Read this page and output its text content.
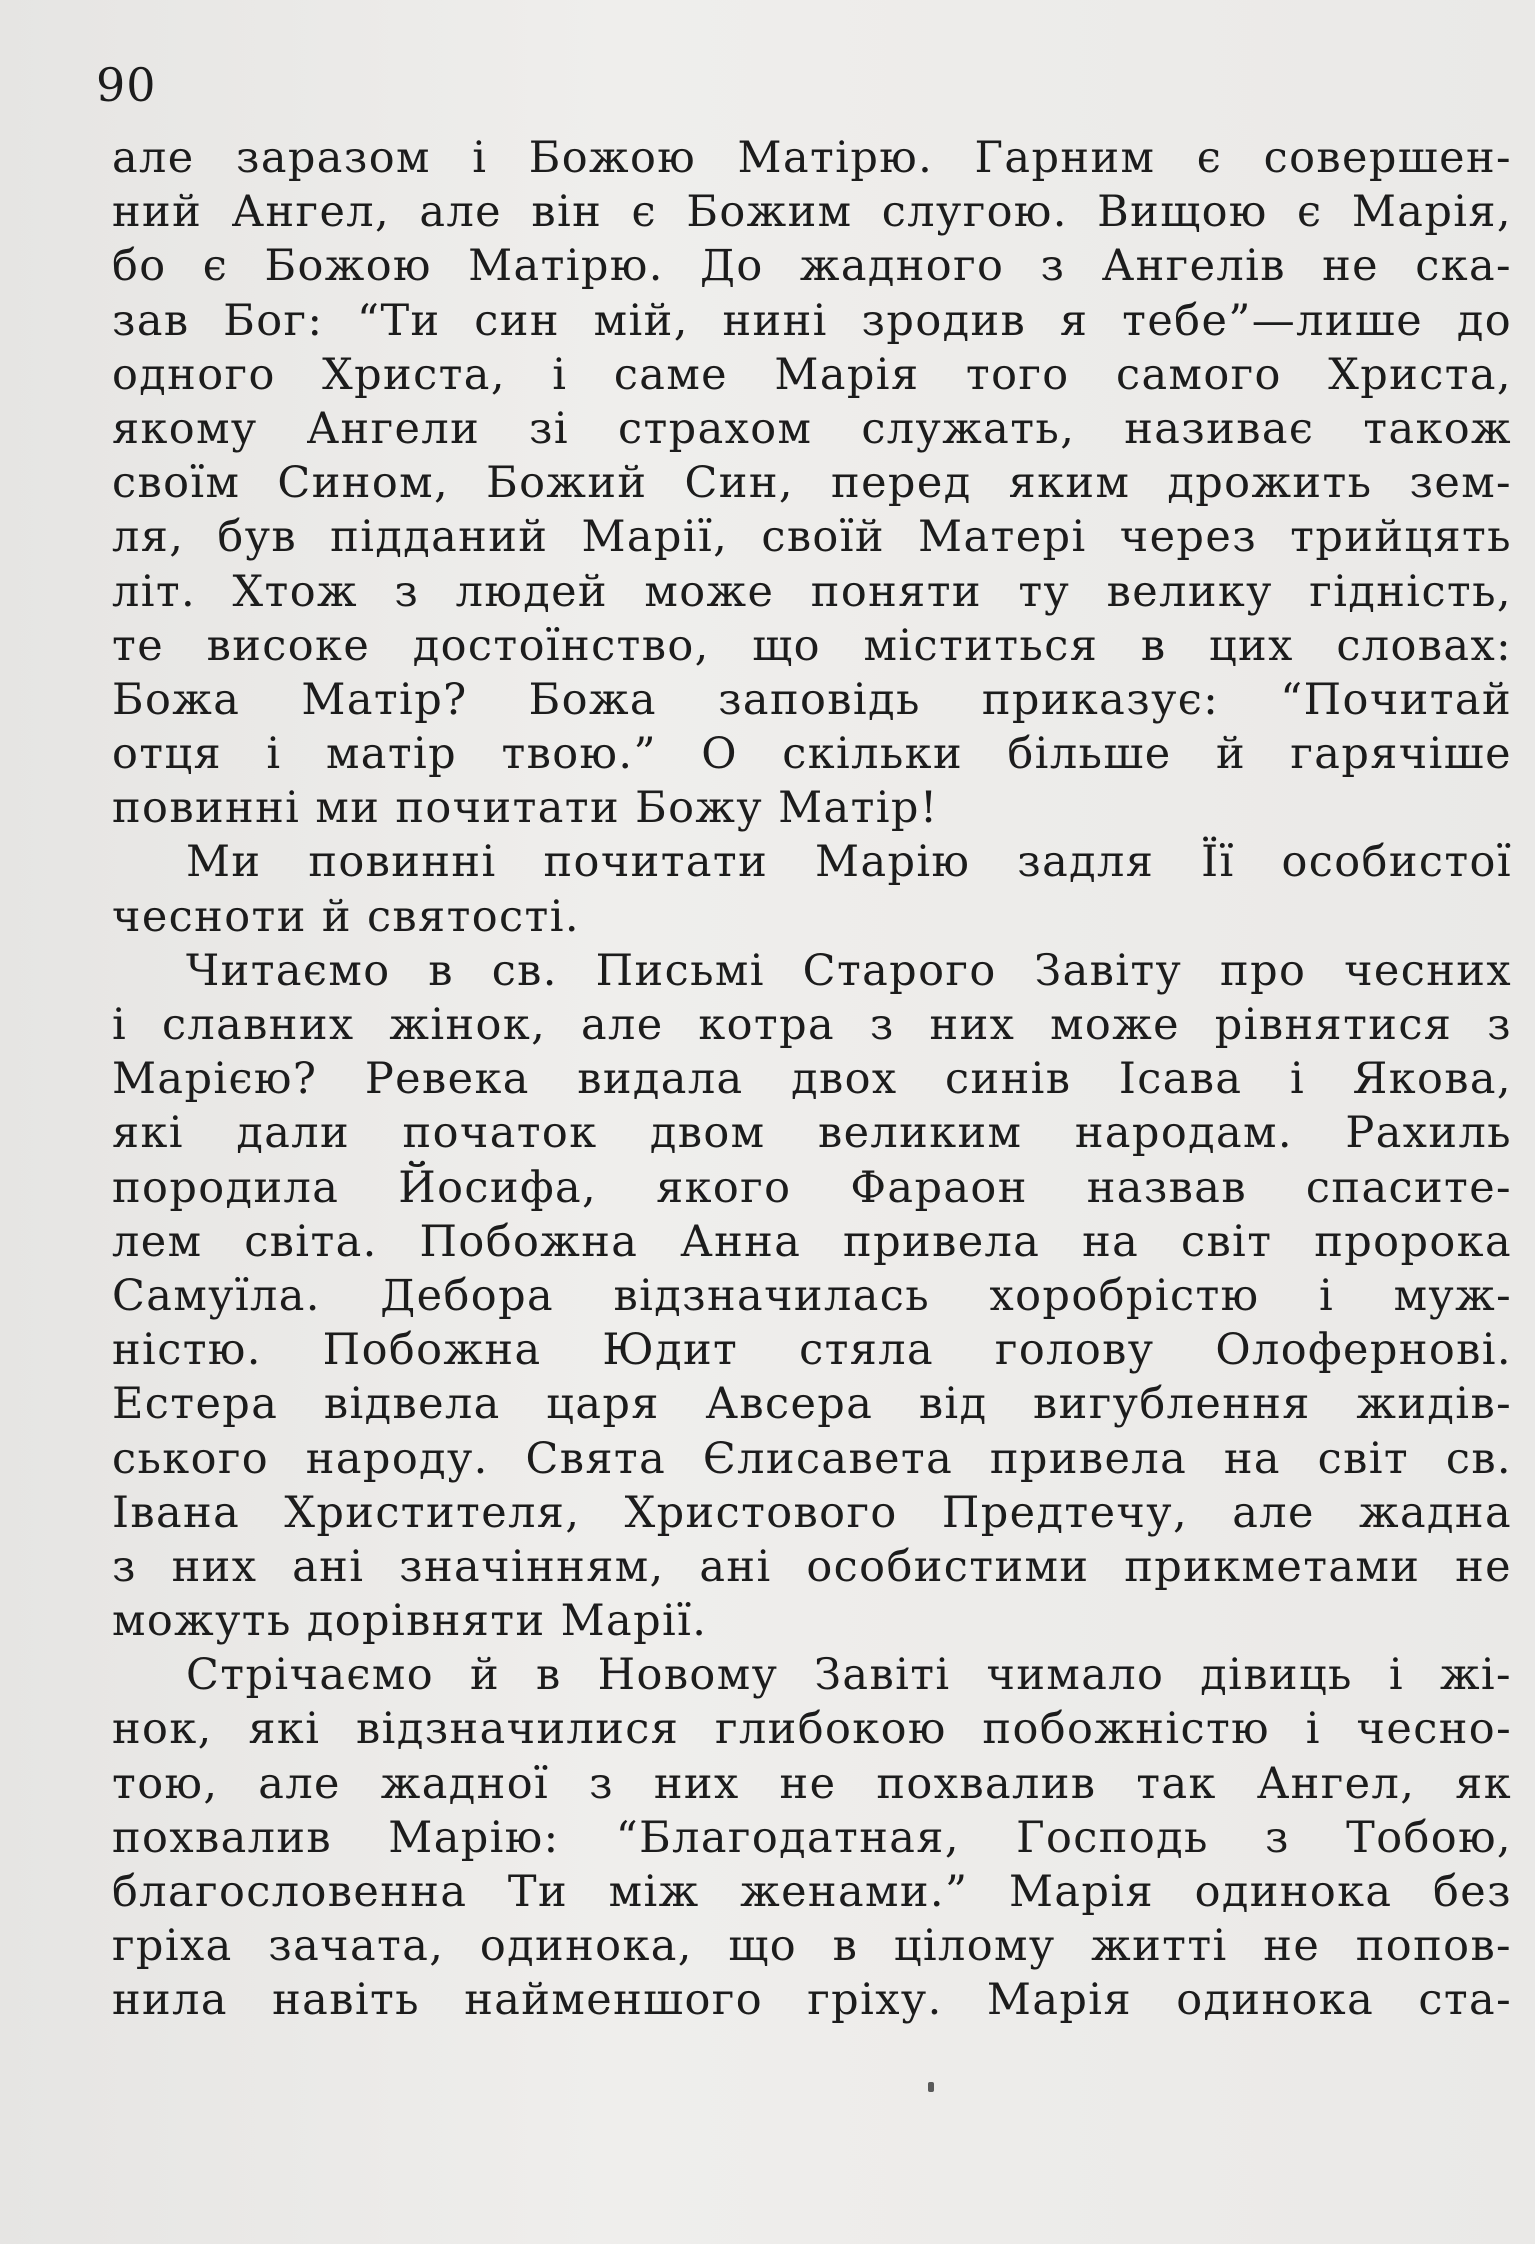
90
але заразом і Божою Матірю. Гарним є совершен-
ний Ангел, але він є Божим слугою. Вищою є Марія,
бо є Божою Матірю. До жадного з Ангелів не ска-
зав Бог: “Ти син мій, нині зродив я тебе”—лише до
одного Христа, і саме Марія того самого Христа,
якому Ангели зі страхом служать, називає також
своїм Сином, Божий Син, перед яким дрожить зем-
ля, був підданий Марії, своїй Матері через трийцять
літ. Хтож з людей може поняти ту велику гідність,
те високе достоїнство, що міститься в цих словах:
Божа Матір? Божа заповідь приказує: “Почитай
отця і матір твою.” О скільки більше й гарячіше
повинні ми почитати Божу Матір!
Ми повинні почитати Марію задля Її особистої
чесноти й святості.
Читаємо в св. Письмі Старого Завіту про чесних
і славних жінок, але котра з них може рівнятися з
Марією? Ревека видала двох синів Ісава і Якова,
які дали початок двом великим народам. Рахиль
породила Йосифа, якого Фараон назвав спасите-
лем світа. Побожна Анна привела на світ пророка
Самуїла. Дебора відзначилась хоробрістю і муж-
ністю. Побожна Юдит стяла голову Олофернові.
Естера відвела царя Авсера від вигублення жидів-
ського народу. Свята Єлисавета привела на світ св.
Івана Христителя, Христового Предтечу, але жадна
з них ані значінням, ані особистими прикметами не
можуть дорівняти Марії.
Стрічаємо й в Новому Завіті чимало дівиць і жі-
нок, які відзначилися глибокою побожністю і чесно-
тою, але жадної з них не похвалив так Ангел, як
похвалив Марію: “Благодатная, Господь з Тобою,
благословенна Ти між женами.” Марія одинока без
гріха зачата, одинока, що в цілому житті не попов-
нила навіть найменшого гріху. Марія одинока ста-
